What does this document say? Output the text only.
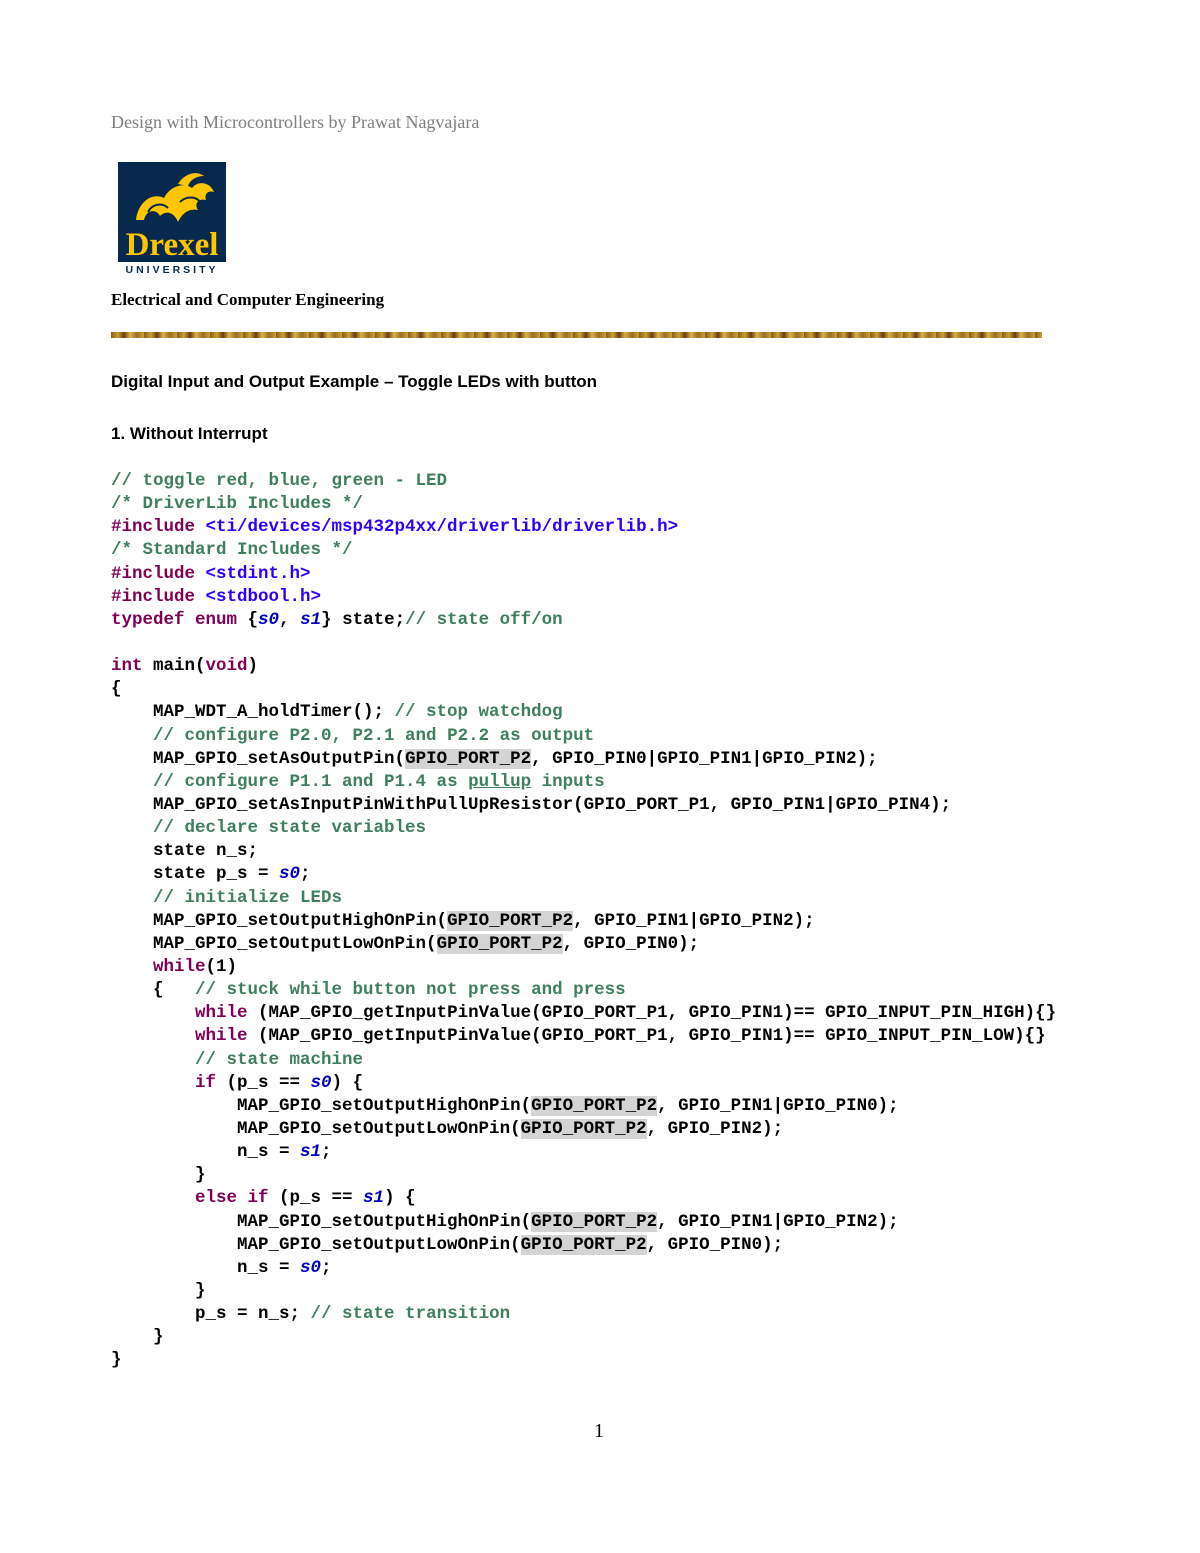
Design with Microcontrollers by Prawat Nagvajara
Drexel
UNIVERSITY
Electrical and Computer Engineering
Digital Input and Output Example – Toggle LEDs with button
1. Without Interrupt
// toggle red, blue, green - LED
/* DriverLib Includes */
#include <ti/devices/msp432p4xx/driverlib/driverlib.h>
/* Standard Includes */
#include <stdint.h>
#include <stdbool.h>
typedef enum {s0, s1} state;// state off/on

int main(void)
{
MAP_WDT_A_holdTimer(); // stop watchdog
// configure P2.0, P2.1 and P2.2 as output
MAP_GPIO_setAsOutputPin(GPIO_PORT_P2, GPIO_PIN0|GPIO_PIN1|GPIO_PIN2);
// configure P1.1 and P1.4 as pullup inputs
MAP_GPIO_setAsInputPinWithPullUpResistor(GPIO_PORT_P1, GPIO_PIN1|GPIO_PIN4);
// declare state variables
state n_s;
state p_s = s0;
// initialize LEDs
MAP_GPIO_setOutputHighOnPin(GPIO_PORT_P2, GPIO_PIN1|GPIO_PIN2);
MAP_GPIO_setOutputLowOnPin(GPIO_PORT_P2, GPIO_PIN0);
while(1)
{   // stuck while button not press and press
while (MAP_GPIO_getInputPinValue(GPIO_PORT_P1, GPIO_PIN1)== GPIO_INPUT_PIN_HIGH){}
while (MAP_GPIO_getInputPinValue(GPIO_PORT_P1, GPIO_PIN1)== GPIO_INPUT_PIN_LOW){}
// state machine
if (p_s == s0) {
MAP_GPIO_setOutputHighOnPin(GPIO_PORT_P2, GPIO_PIN1|GPIO_PIN0);
MAP_GPIO_setOutputLowOnPin(GPIO_PORT_P2, GPIO_PIN2);
n_s = s1;
}
else if (p_s == s1) {
MAP_GPIO_setOutputHighOnPin(GPIO_PORT_P2, GPIO_PIN1|GPIO_PIN2);
MAP_GPIO_setOutputLowOnPin(GPIO_PORT_P2, GPIO_PIN0);
n_s = s0;
}
p_s = n_s; // state transition
}
}
1
